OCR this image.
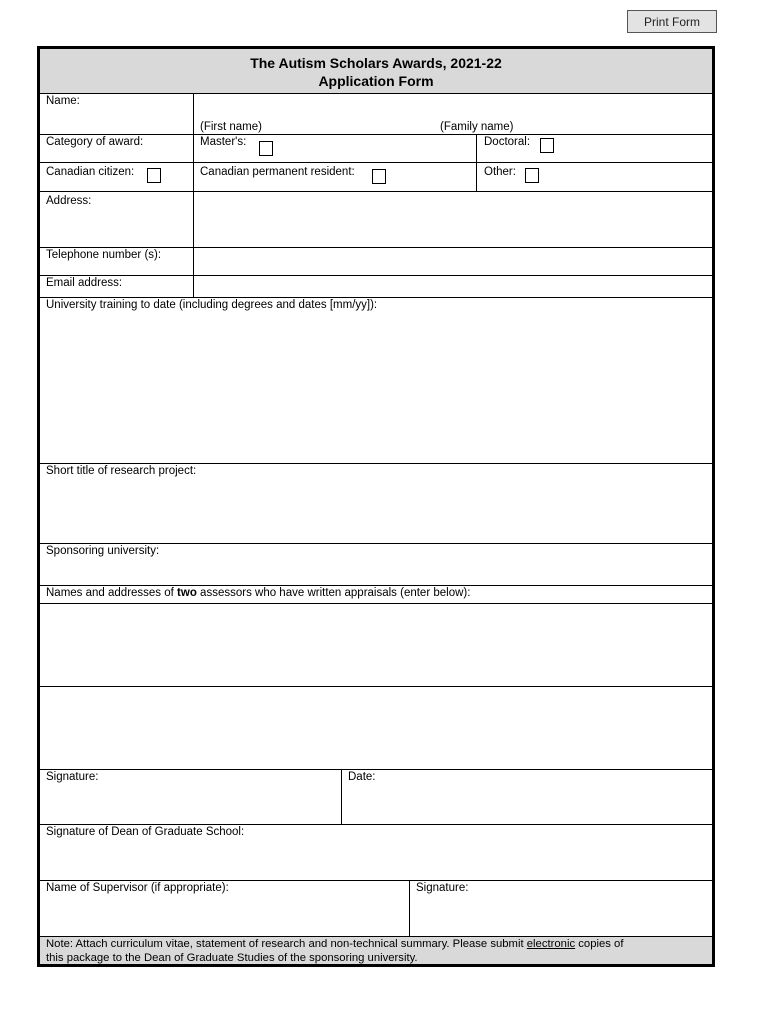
Print Form
The Autism Scholars Awards, 2021-22
Application Form
Name:
(First name)	(Family name)
Category of award:	Master's:	Doctoral:
Canadian citizen:	Canadian permanent resident:	Other:
Address:
Telephone number (s):
Email address:
University training to date (including degrees and dates [mm/yy]):
Short title of research project:
Sponsoring university:
Names and addresses of two assessors who have written appraisals (enter below):
Signature:	Date:
Signature of Dean of Graduate School:
Name of Supervisor (if appropriate):	Signature:
Note: Attach curriculum vitae, statement of research and non-technical summary. Please submit electronic copies of
this package to the Dean of Graduate Studies of the sponsoring university.
